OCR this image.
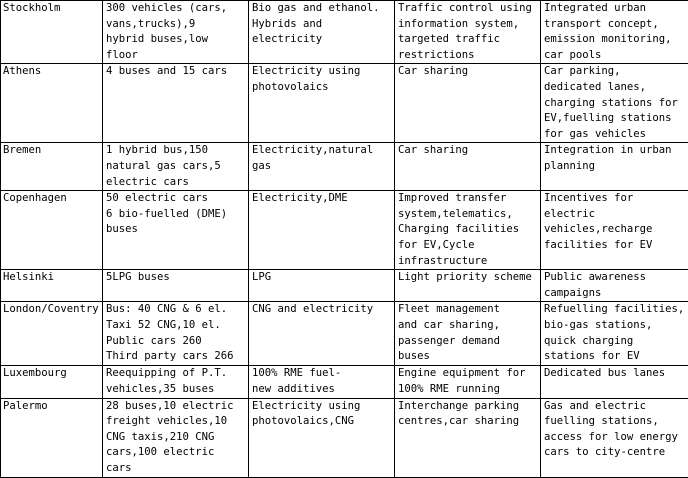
Stockholm	300 vehicles (cars,
vans,trucks),9
hybrid buses,low
floor	Bio gas and ethanol.
Hybrids and
electricity	Traffic control using
information system,
targeted traffic
restrictions	Integrated urban
transport concept,
emission monitoring,
car pools
Athens	4 buses and 15 cars	Electricity using
photovolaics	Car sharing	Car parking,
dedicated lanes,
charging stations for
EV,fuelling stations
for gas vehicles
Bremen	1 hybrid bus,150
natural gas cars,5
electric cars	Electricity,natural
gas	Car sharing	Integration in urban
planning
Copenhagen	50 electric cars
6 bio-fuelled (DME)
buses	Electricity,DME	Improved transfer
system,telematics,
Charging facilities
for EV,Cycle
infrastructure	Incentives for electric
vehicles,recharge
facilities for EV
Helsinki	5LPG buses	LPG	Light priority scheme	Public awareness
campaigns
London/Coventry	Bus: 40 CNG & 6 el.
Taxi 52 CNG,10 el.
Public cars 260
Third party cars 266	CNG and electricity	Fleet management
and car sharing,
passenger demand
buses	Refuelling facilities,
bio-gas stations,
quick charging
stations for EV
Luxembourg	Reequipping of P.T.
vehicles,35 buses	100% RME fuel-
new additives	Engine equipment for
100% RME running	Dedicated bus lanes
Palermo	28 buses,10 electric
freight vehicles,10
CNG taxis,210 CNG
cars,100 electric cars	Electricity using
photovolaics,CNG	Interchange parking
centres,car sharing	Gas and electric
fuelling stations,
access for low energy
cars to city-centre
